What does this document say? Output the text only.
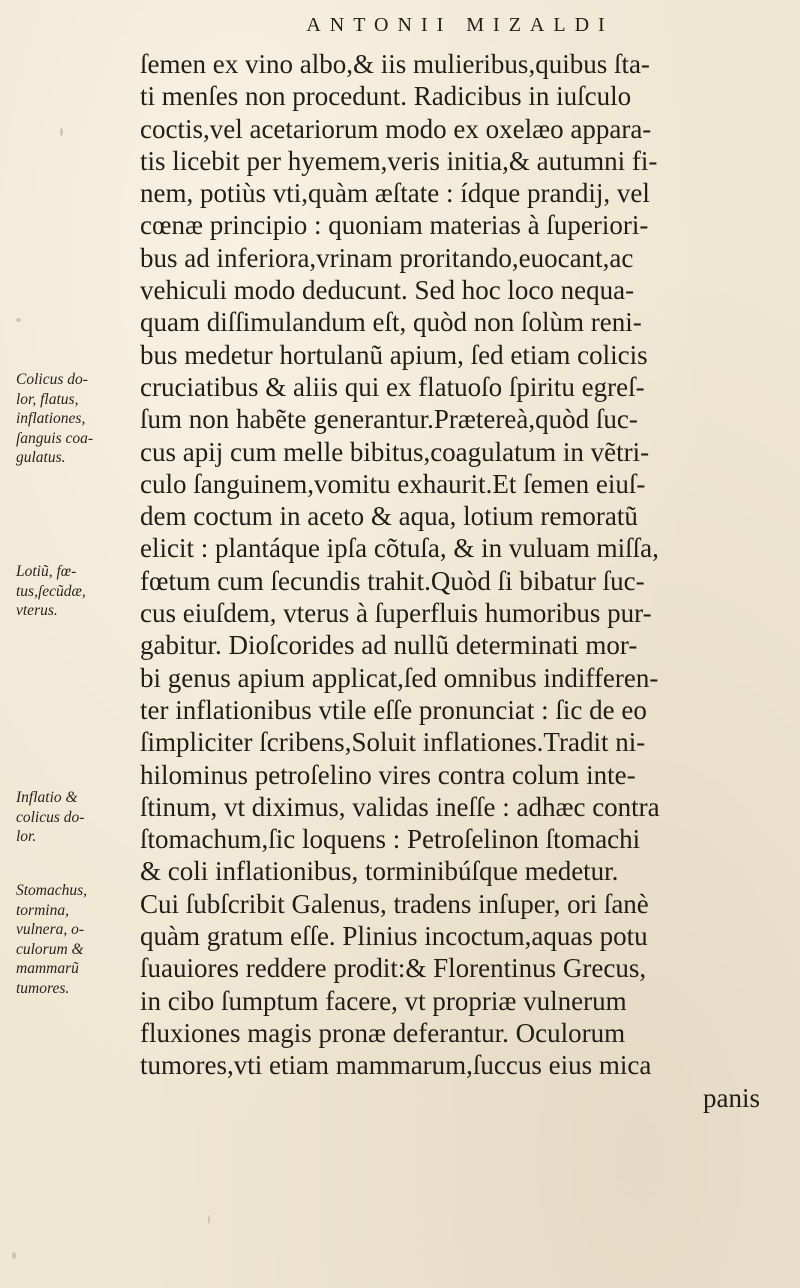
ANTONII MIZALDI
ſemen ex vino albo,& iis mulieribus,quibus ſta-
ti menſes non procedunt. Radicibus in iuſculo
coctis,vel acetariorum modo ex oxelæo appara-
tis licebit per hyemem,veris initia,& autumni fi-
nem, potiùs vti,quàm æſtate : ídque prandij, vel
cœnæ principio : quoniam materias à ſuperiori-
bus ad inferiora,vrinam proritando,euocant,ac
vehiculi modo deducunt. Sed hoc loco nequa-
quam diſſimulandum eſt, quòd non ſolùm reni-
bus medetur hortulanũ apium, ſed etiam colicis
cruciatibus & aliis qui ex flatuoſo ſpiritu egreſ-
ſum non habẽte generantur.Prætereà,quòd ſuc-
cus apij cum melle bibitus,coagulatum in vẽtri-
culo ſanguinem,vomitu exhaurit.Et ſemen eiuſ-
dem coctum in aceto & aqua, lotium remoratũ
elicit : plantáque ipſa cõtuſa, & in vuluam miſſa,
fœtum cum ſecundis trahit.Quòd ſi bibatur ſuc-
cus eiuſdem, vterus à ſuperfluis humoribus pur-
gabitur. Dioſcorides ad nullũ determinati mor-
bi genus apium applicat,ſed omnibus indifferen-
ter inflationibus vtile eſſe pronunciat : ſic de eo
ſimpliciter ſcribens,Soluit inflationes.Tradit ni-
hilominus petroſelino vires contra colum inte-
ſtinum, vt diximus, validas ineſſe : adhæc contra
ſtomachum,ſic loquens : Petroſelinon ſtomachi
& coli inflationibus, torminibúſque medetur.
Cui ſubſcribit Galenus, tradens inſuper, ori ſanè
quàm gratum eſſe. Plinius incoctum,aquas potu
ſuauiores reddere prodit:& Florentinus Grecus,
in cibo ſumptum facere, vt propriæ vulnerum
fluxiones magis pronæ deferantur. Oculorum
tumores,vti etiam mammarum,ſuccus eius mica
panis
Colicus do-
lor, flatus,
inflationes,
ſanguis coa-
gulatus.
Lotiũ, fœ-
tus,ſecũdæ,
vterus.
Inflatio &
colicus do-
lor.
Stomachus,
tormina,
vulnera, o-
culorum &
mammarũ
tumores.
